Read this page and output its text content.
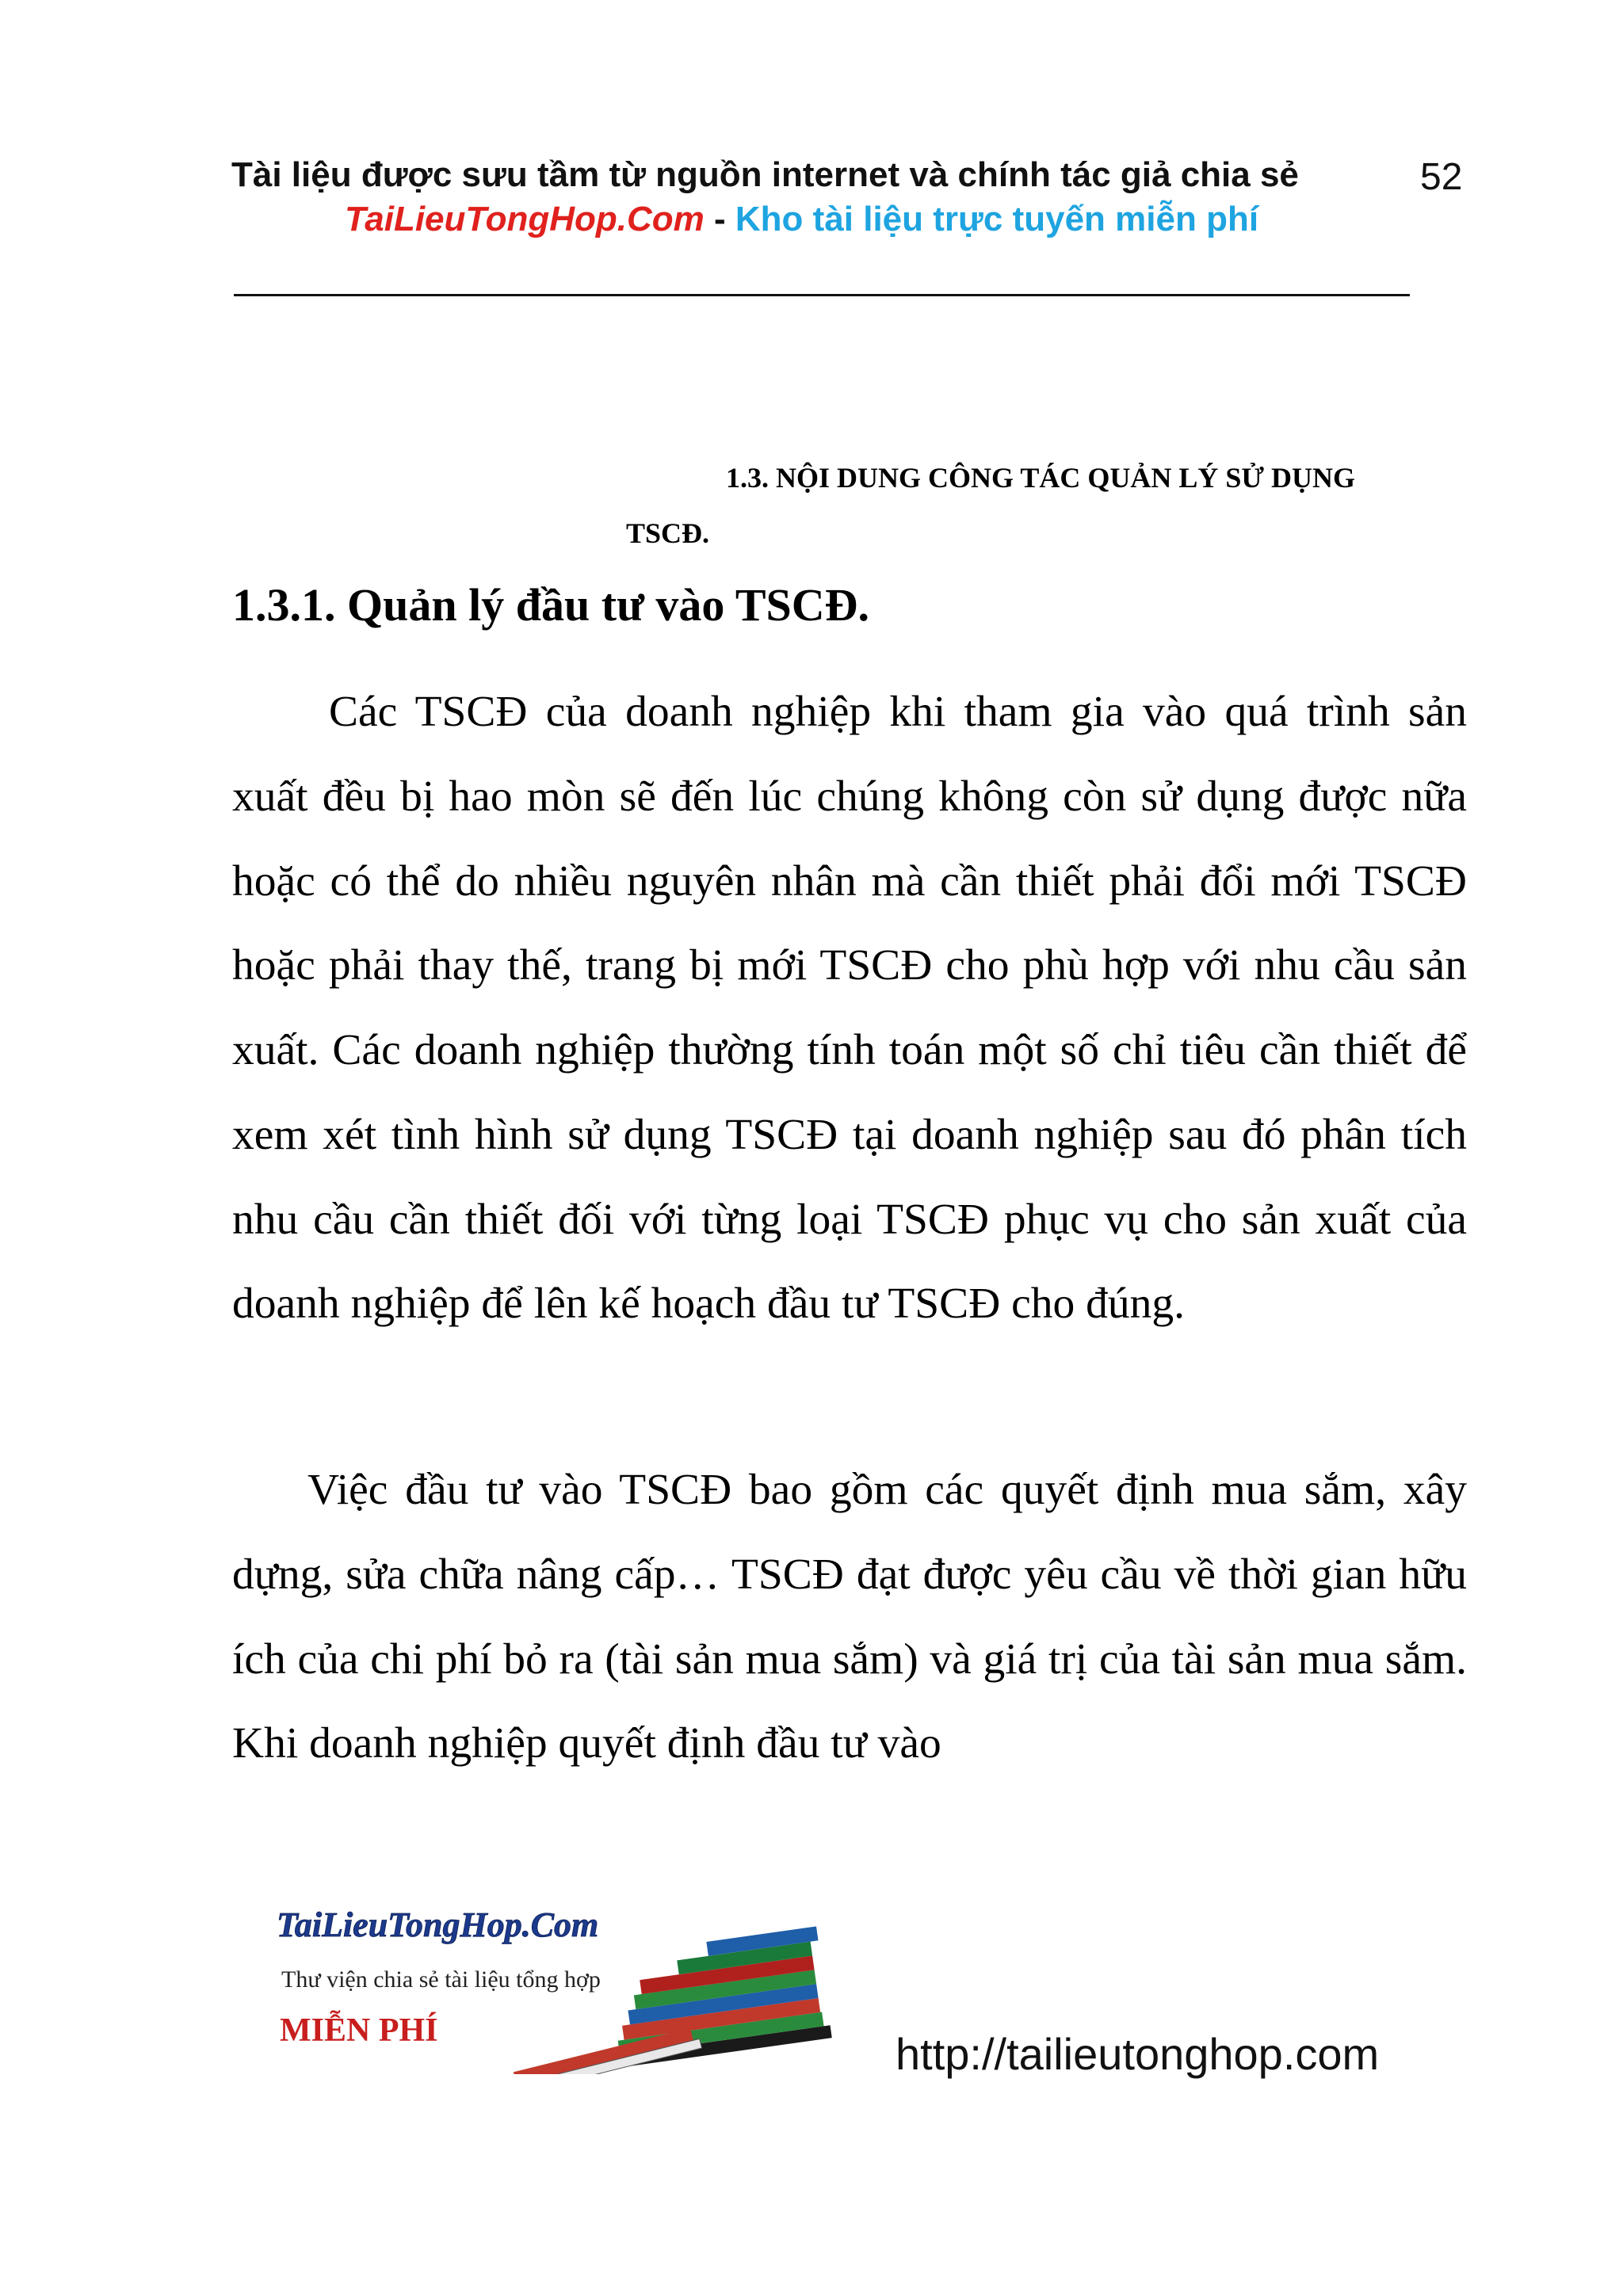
Tài liệu được sưu tầm từ nguồn internet và chính tác giả chia sẻ	52
TaiLieuTongHop.Com - Kho tài liệu trực tuyến miễn phí
1.3. NỘI DUNG CÔNG TÁC QUẢN LÝ SỬ DỤNG
TSCĐ.
1.3.1. Quản lý đầu tư vào TSCĐ.

Các TSCĐ của doanh nghiệp khi tham gia vào quá trình sản xuất đều bị hao mòn sẽ đến lúc chúng không còn sử dụng được nữa hoặc có thể do nhiều nguyên nhân mà cần thiết phải đổi mới TSCĐ hoặc phải thay thế, trang bị mới TSCĐ cho phù hợp với nhu cầu sản xuất. Các doanh nghiệp thường tính toán một số chỉ tiêu cần thiết để xem xét tình hình sử dụng TSCĐ tại doanh nghiệp sau đó phân tích nhu cầu cần thiết đối với từng loại TSCĐ phục vụ cho sản xuất của doanh nghiệp để lên kế hoạch đầu tư TSCĐ cho đúng.

Việc đầu tư vào TSCĐ bao gồm các quyết định mua sắm, xây dựng, sửa chữa nâng cấp… TSCĐ đạt được yêu cầu về thời gian hữu ích của chi phí bỏ ra (tài sản mua sắm) và giá trị của tài sản mua sắm. Khi doanh nghiệp quyết định đầu tư vào

TaiLieuTongHop.Com
Thư viện chia sẻ tài liệu tổng hợp
MIỄN PHÍ	http://tailieutonghop.com
